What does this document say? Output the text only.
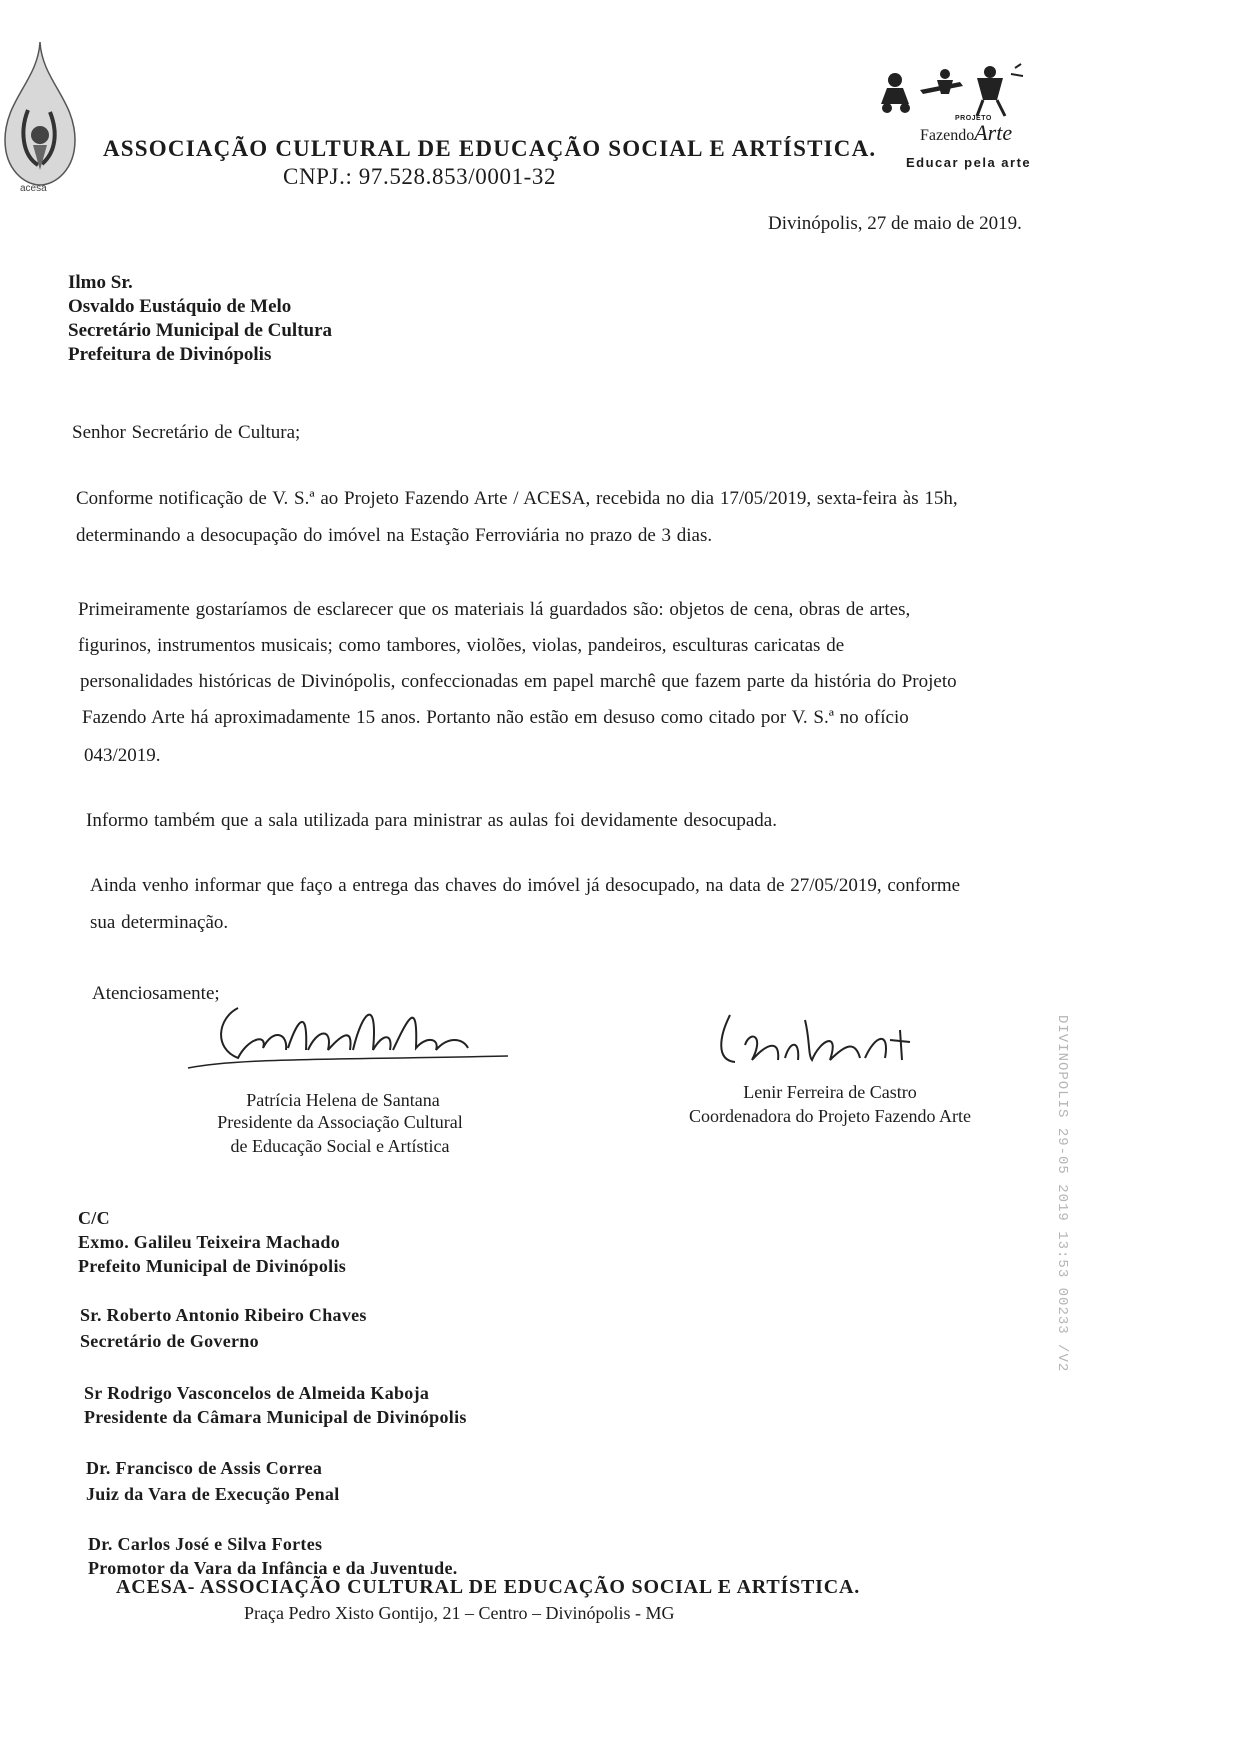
acesa
ASSOCIAÇÃO CULTURAL DE EDUCAÇÃO SOCIAL E ARTÍSTICA.
CNPJ.: 97.528.853/0001-32
PROJETO
FazendoArte
Educar pela arte
Divinópolis, 27 de maio de 2019.
Ilmo Sr.
Osvaldo Eustáquio de Melo
Secretário Municipal de Cultura
Prefeitura de Divinópolis
Senhor Secretário de Cultura;
Conforme notificação de V. S.ª ao Projeto Fazendo Arte / ACESA, recebida no dia 17/05/2019, sexta-feira às 15h,
determinando a desocupação do imóvel na Estação Ferroviária no prazo de 3 dias.
Primeiramente gostaríamos de esclarecer que os materiais lá guardados são: objetos de cena, obras de artes,
figurinos, instrumentos musicais; como tambores, violões, violas, pandeiros, esculturas caricatas de
personalidades históricas de Divinópolis, confeccionadas em papel marchê que fazem parte da história do Projeto
Fazendo Arte há aproximadamente 15 anos. Portanto não estão em desuso como citado por V. S.ª no ofício
043/2019.
Informo também que a sala utilizada para ministrar as aulas foi devidamente desocupada.
Ainda venho informar que faço a entrega das chaves do imóvel já desocupado, na data de 27/05/2019, conforme
sua determinação.
Atenciosamente;
Patrícia Helena de Santana
Presidente da Associação Cultural
de Educação Social e Artística
Lenir Ferreira de Castro
Coordenadora do Projeto Fazendo Arte	DIVINOPOLIS 29-05 2019 13:53 00233 /V2
C/C
Exmo. Galileu Teixeira Machado
Prefeito Municipal de Divinópolis
Sr. Roberto Antonio Ribeiro Chaves
Secretário de Governo
Sr Rodrigo Vasconcelos de Almeida Kaboja
Presidente da Câmara Municipal de Divinópolis
Dr. Francisco de Assis Correa
Juiz da Vara de Execução Penal
Dr. Carlos José e Silva Fortes
Promotor da Vara da Infância e da Juventude.
ACESA- ASSOCIAÇÃO CULTURAL DE EDUCAÇÃO SOCIAL E ARTÍSTICA.
Praça Pedro Xisto Gontijo, 21 – Centro – Divinópolis - MG
